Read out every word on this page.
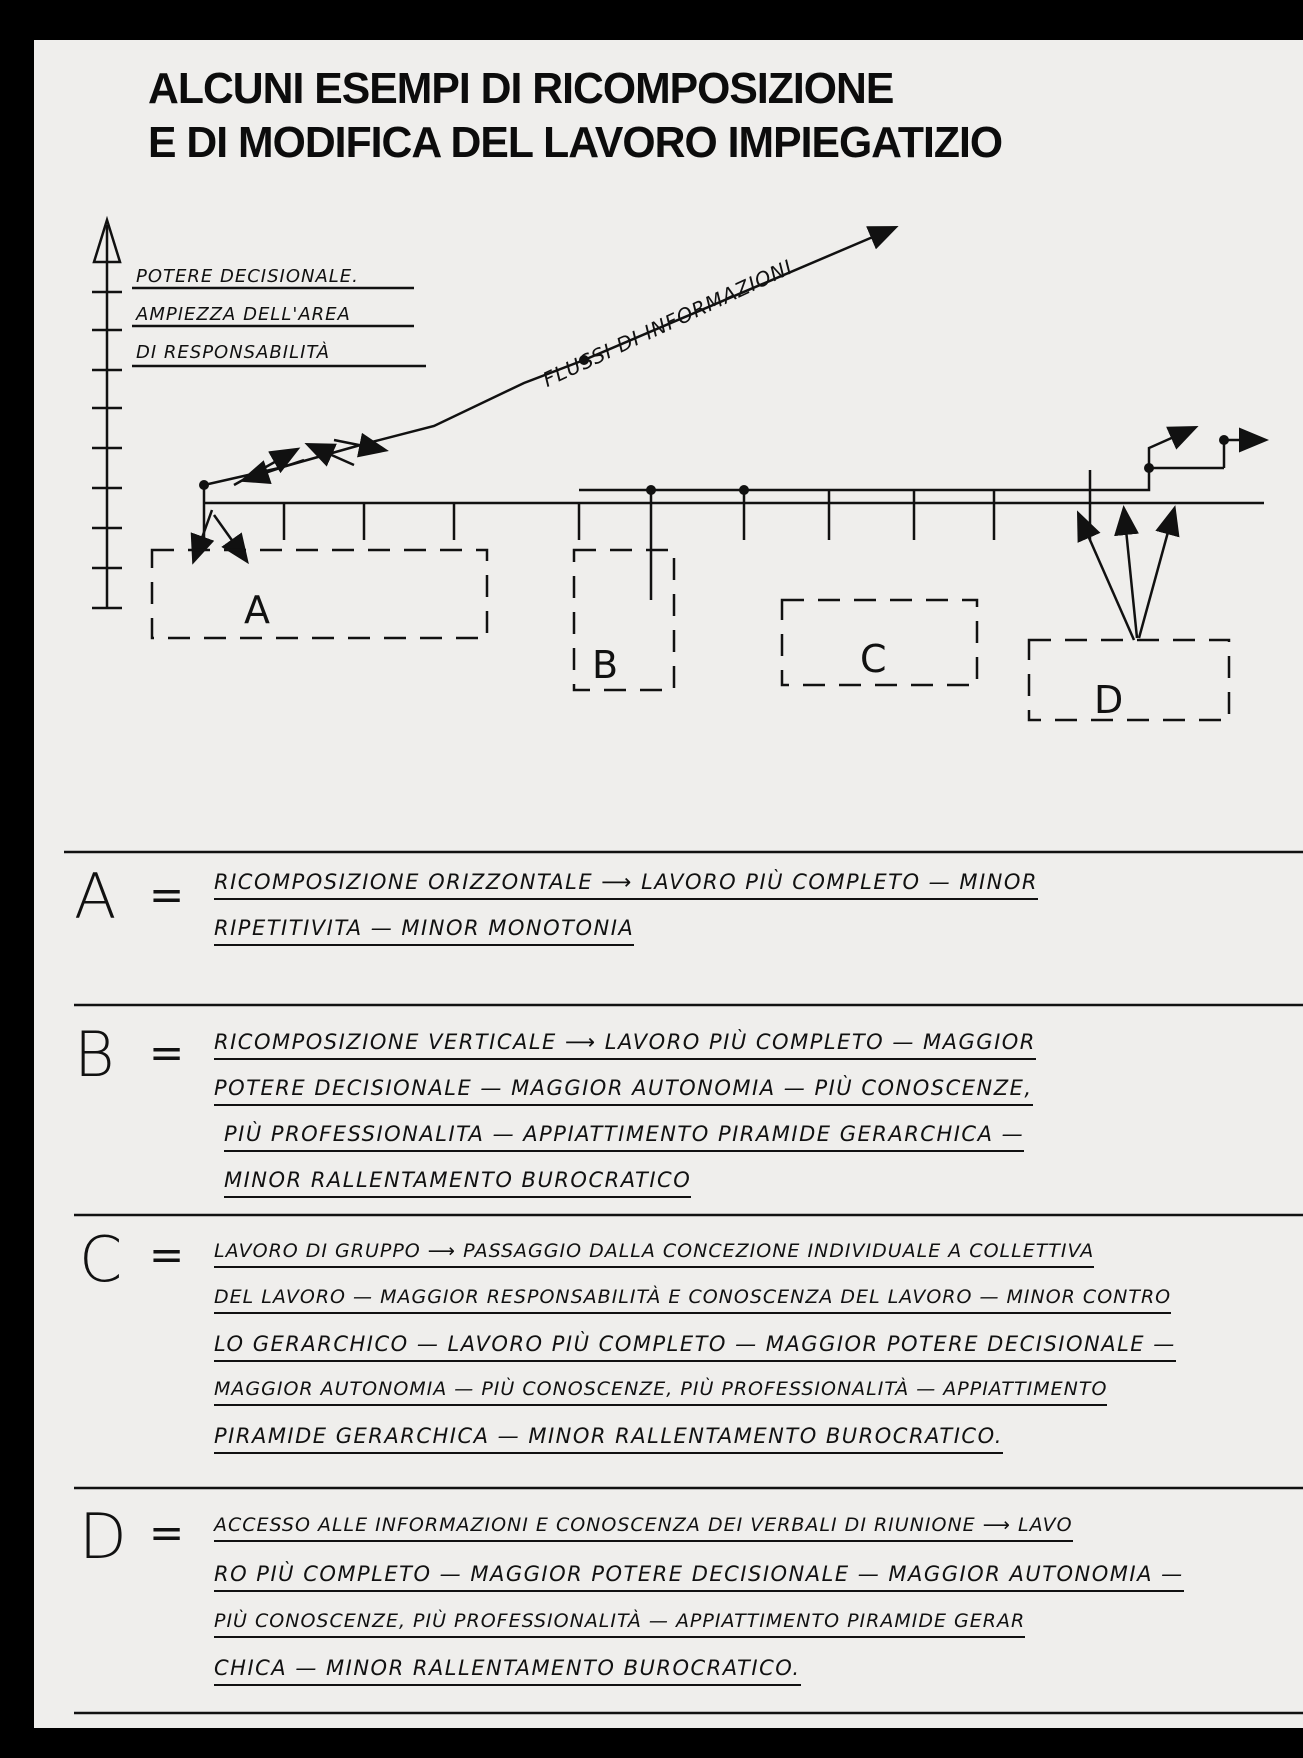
ALCUNI ESEMPI DI RICOMPOSIZIONE
E DI MODIFICA DEL LAVORO IMPIEGATIZIO
POTERE DECISIONALE.
AMPIEZZA DELL'AREA
DI RESPONSABILITÀ	FLUSSI DI INFORMAZIONI
A
B	C
D
A = RICOMPOSIZIONE ORIZZONTALE ⟶ LAVORO PIÙ COMPLETO — MINOR
RIPETITIVITA — MINOR MONOTONIA
B = RICOMPOSIZIONE VERTICALE ⟶ LAVORO PIÙ COMPLETO — MAGGIOR
POTERE DECISIONALE — MAGGIOR AUTONOMIA — PIÙ CONOSCENZE,
PIÙ PROFESSIONALITA — APPIATTIMENTO PIRAMIDE GERARCHICA —
MINOR RALLENTAMENTO BUROCRATICO
C = LAVORO DI GRUPPO ⟶ PASSAGGIO DALLA CONCEZIONE INDIVIDUALE A COLLETTIVA
DEL LAVORO — MAGGIOR RESPONSABILITÀ E CONOSCENZA DEL LAVORO — MINOR CONTRO
LO GERARCHICO — LAVORO PIÙ COMPLETO — MAGGIOR POTERE DECISIONALE —
MAGGIOR AUTONOMIA — PIÙ CONOSCENZE, PIÙ PROFESSIONALITÀ — APPIATTIMENTO
PIRAMIDE GERARCHICA — MINOR RALLENTAMENTO BUROCRATICO.
D = ACCESSO ALLE INFORMAZIONI E CONOSCENZA DEI VERBALI DI RIUNIONE ⟶ LAVO
RO PIÙ COMPLETO — MAGGIOR POTERE DECISIONALE — MAGGIOR AUTONOMIA —
PIÙ CONOSCENZE, PIÙ PROFESSIONALITÀ — APPIATTIMENTO PIRAMIDE GERAR
CHICA — MINOR RALLENTAMENTO BUROCRATICO.
